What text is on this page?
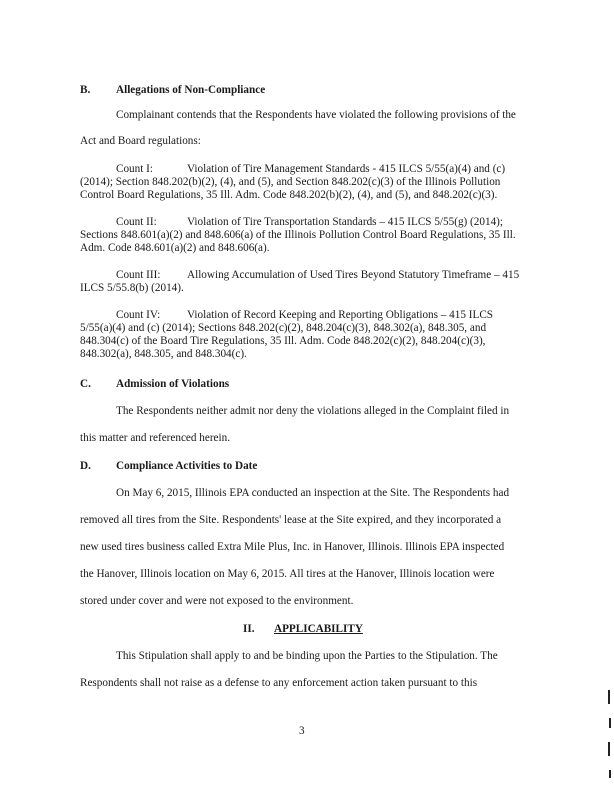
B. Allegations of Non-Compliance
Complainant contends that the Respondents have violated the following provisions of the
Act and Board regulations:
Count I:	Violation of Tire Management Standards - 415 ILCS 5/55(a)(4) and (c)
(2014); Section 848.202(b)(2), (4), and (5), and Section 848.202(c)(3) of the Illinois Pollution
Control Board Regulations, 35 Ill. Adm. Code 848.202(b)(2), (4), and (5), and 848.202(c)(3).
Count II:	Violation of Tire Transportation Standards – 415 ILCS 5/55(g) (2014);
Sections 848.601(a)(2) and 848.606(a) of the Illinois Pollution Control Board Regulations, 35 Ill.
Adm. Code 848.601(a)(2) and 848.606(a).
Count III: Allowing Accumulation of Used Tires Beyond Statutory Timeframe – 415
ILCS 5/55.8(b) (2014).
Count IV: Violation of Record Keeping and Reporting Obligations – 415 ILCS
5/55(a)(4) and (c) (2014); Sections 848.202(c)(2), 848.204(c)(3), 848.302(a), 848.305, and
848.304(c) of the Board Tire Regulations, 35 Ill. Adm. Code 848.202(c)(2), 848.204(c)(3),
848.302(a), 848.305, and 848.304(c).
C. Admission of Violations
The Respondents neither admit nor deny the violations alleged in the Complaint filed in
this matter and referenced herein.
D. Compliance Activities to Date
On May 6, 2015, Illinois EPA conducted an inspection at the Site. The Respondents had
removed all tires from the Site. Respondents' lease at the Site expired, and they incorporated a
new used tires business called Extra Mile Plus, Inc. in Hanover, Illinois. Illinois EPA inspected
the Hanover, Illinois location on May 6, 2015. All tires at the Hanover, Illinois location were
stored under cover and were not exposed to the environment.
II. APPLICABILITY
This Stipulation shall apply to and be binding upon the Parties to the Stipulation. The
Respondents shall not raise as a defense to any enforcement action taken pursuant to this
3
